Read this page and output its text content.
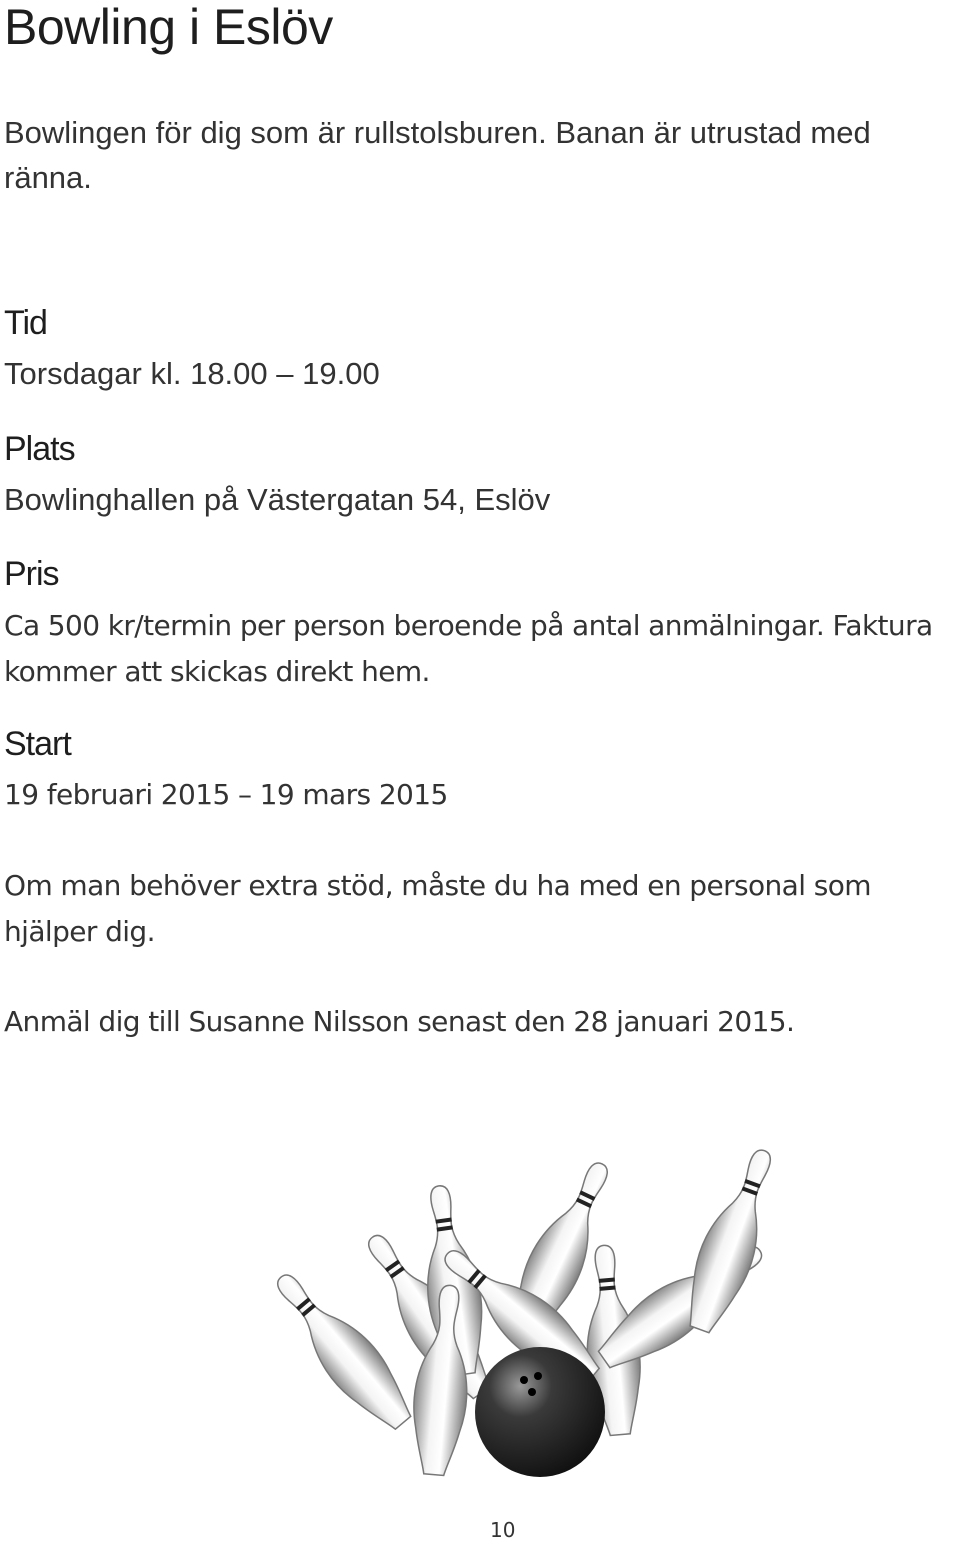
Bowling i Eslöv
Bowlingen för dig som är rullstolsburen. Banan är utrustad med ränna.
Tid
Torsdagar kl. 18.00 – 19.00
Plats
Bowlinghallen på Västergatan 54, Eslöv
Pris
Ca 500 kr/termin per person beroende på antal anmälningar. Faktura kommer att skickas direkt hem.
Start
19 februari 2015 – 19 mars 2015
Om man behöver extra stöd, måste du ha med en personal som hjälper dig.
Anmäl dig till Susanne Nilsson senast den 28 januari 2015.
10
